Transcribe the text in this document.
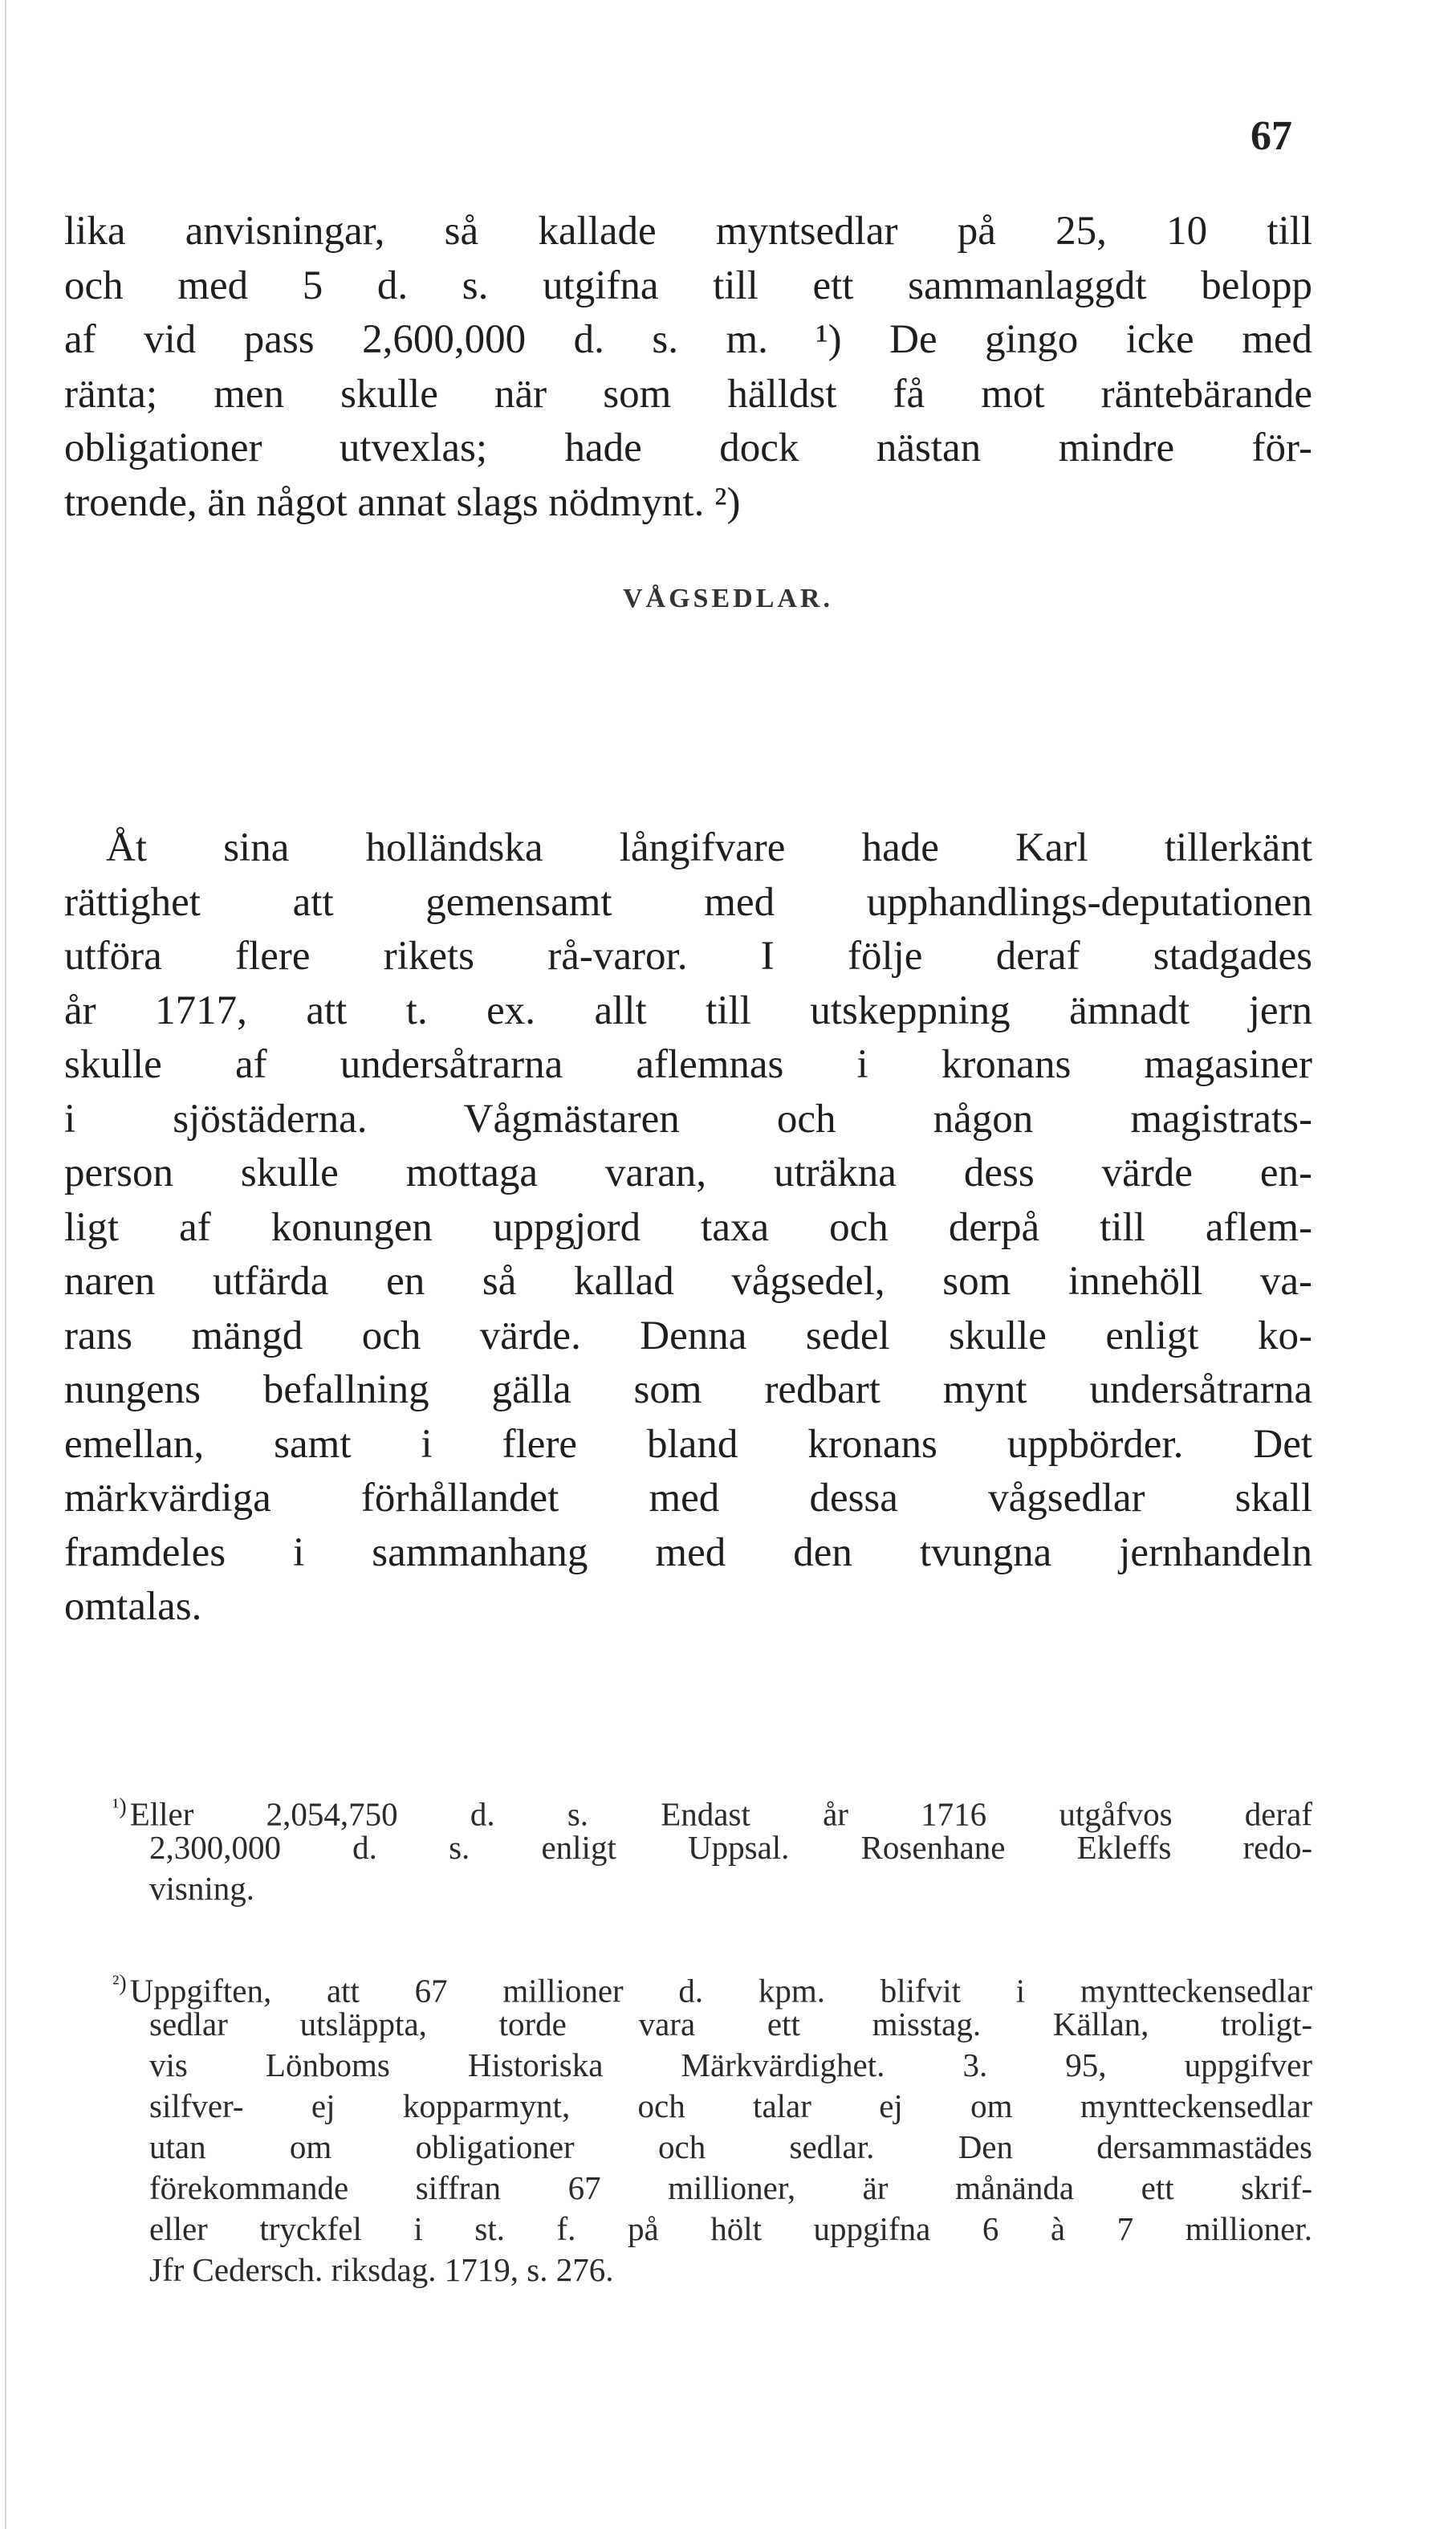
67
lika anvisningar, så kallade myntsedlar på 25, 10 till
och med 5 d. s. utgifna till ett sammanlaggdt belopp
af vid pass 2,600,000 d. s. m. ¹) De gingo icke med
ränta; men skulle när som hälldst få mot räntebärande
obligationer utvexlas; hade dock nästan mindre för-
troende, än något annat slags nödmynt. ²)
VÅGSEDLAR.
Åt sina holländska långifvare hade Karl tillerkänt
rättighet att gemensamt med upphandlings-deputationen
utföra flere rikets rå-varor. I följe deraf stadgades
år 1717, att t. ex. allt till utskeppning ämnadt jern
skulle af undersåtrarna aflemnas i kronans magasiner
i sjöstäderna. Vågmästaren och någon magistrats-
person skulle mottaga varan, uträkna dess värde en-
ligt af konungen uppgjord taxa och derpå till aflem-
naren utfärda en så kallad vågsedel, som innehöll va-
rans mängd och värde. Denna sedel skulle enligt ko-
nungens befallning gälla som redbart mynt undersåtrarna
emellan, samt i flere bland kronans uppbörder. Det
märkvärdiga förhållandet med dessa vågsedlar skall
framdeles i sammanhang med den tvungna jernhandeln
omtalas.
$^{^1)}$Eller 2,054,750 d. s. Endast år 1716 utgåfvos deraf
2,300,000 d. s. enligt Uppsal. Rosenhane Ekleffs redo-
visning.
$^{^2)}$Uppgiften, att 67 millioner d. kpm. blifvit i myntteckensedlar
sedlar utsläppta, torde vara ett misstag. Källan, troligt-
vis Lönboms Historiska Märkvärdighet. 3. 95, uppgifver
silfver- ej kopparmynt, och talar ej om myntteckensedlar
utan om obligationer och sedlar. Den dersammastädes
förekommande siffran 67 millioner, är månända ett skrif-
eller tryckfel i st. f. på hölt uppgifna 6 à 7 millioner.
Jfr Cedersch. riksdag. 1719, s. 276.
